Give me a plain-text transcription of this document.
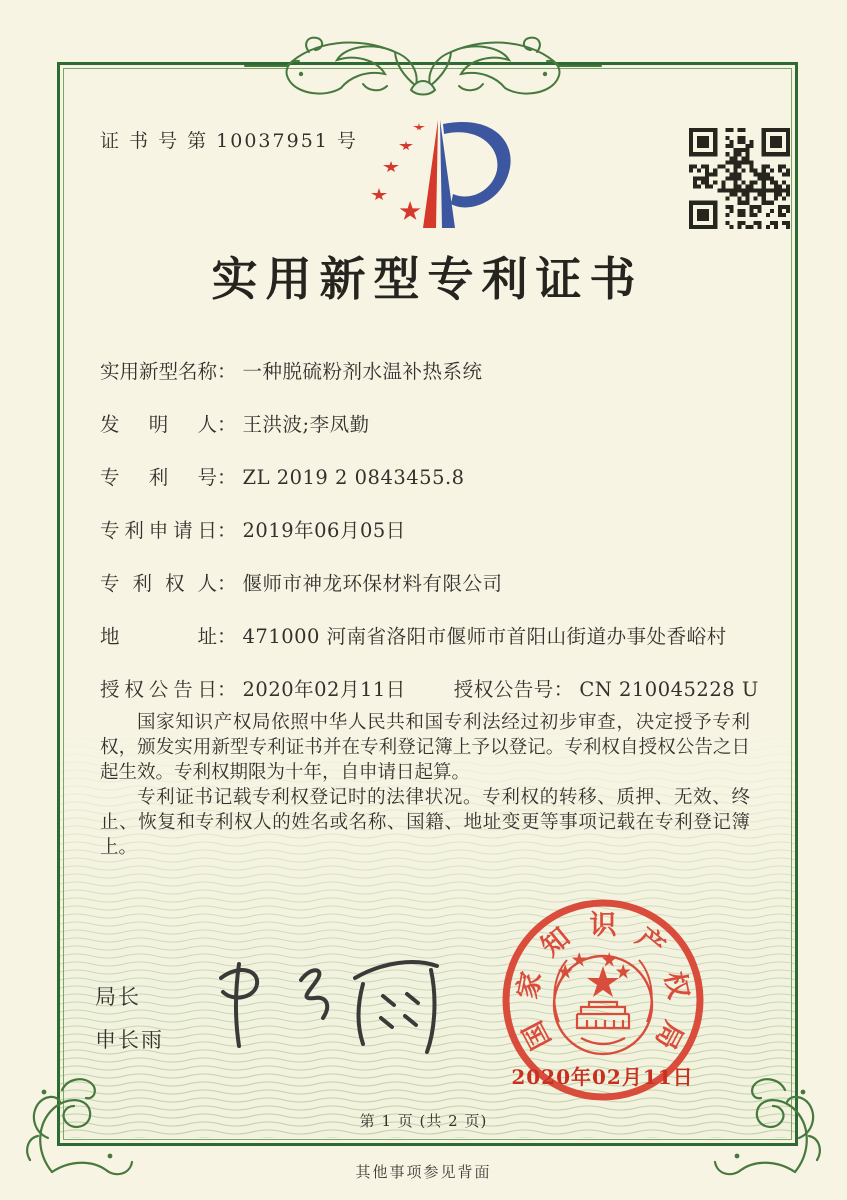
证 书 号 第 10037951 号
实用新型专利证书
实用新型名称： 一种脱硫粉剂水温补热系统
发明人： 王洪波;李凤勤
专利号： ZL 2019 2 0843455.8
专利申请日： 2019年06月05日
专利权人： 偃师市神龙环保材料有限公司
地址： 471000 河南省洛阳市偃师市首阳山街道办事处香峪村
授权公告日： 2020年02月11日 授权公告号： CN 210045228 U

国家知识产权局依照中华人民共和国专利法经过初步审查，决定授予专利权，颁发实用新型专利证书并在专利登记簿上予以登记。专利权自授权公告之日起生效。专利权期限为十年，自申请日起算。

专利证书记载专利权登记时的法律状况。专利权的转移、质押、无效、终止、恢复和专利权人的姓名或名称、国籍、地址变更等事项记载在专利登记簿上。

局长
申长雨	国
家
知 识 产
权
局
2020年02月11日
第 1 页 (共 2 页)
其他事项参见背面
